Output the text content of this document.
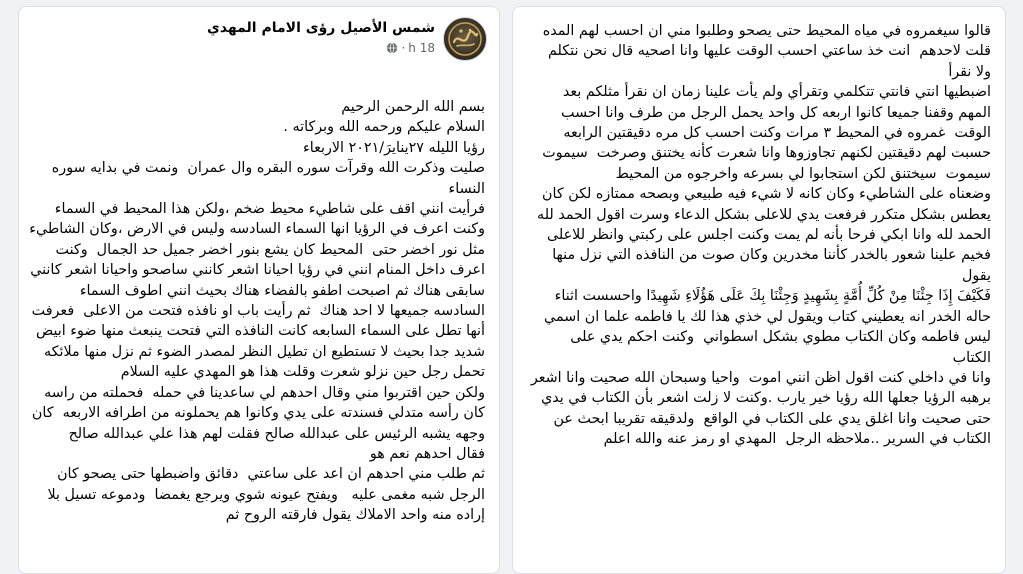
شمس الأصيل رؤى الامام المهدي
18 h
·

بسم الله الرحمن الرحيم

السلام عليكم ورحمه الله وبركاته .

رؤيا الليله ٢٧ينايرَ/٢٠٢١ الاربعاء

صليت وذكرت الله وقرآت سوره البقره وال عمران  ونمت في بدايه سوره النساء

فرأيت انني اقف على شاطيء محيط ضخم ،ولكن هذا المحيط في السماء

وكنت اعرف في الرؤيا انها السماء السادسه وليس في الارض ،وكان الشاطيء

مثل نور اخضر حتى  المحيط كان يشع بنور اخضر جميل حد الجمال  وكنت

اعرف داخل المنام انني في رؤيا احيانا اشعر كانني ساصحو واحيانا اشعر كانني

سابقى هناك ثم اصبحت اطفو بالفضاء هناك بحيث انني اطوف السماء

السادسه جميعها لا احد هناك  ثم رأيت باب او نافذه فتحت من الاعلى  فعرفت

أنها تطل على السماء السابعه كانت النافذه التي فتحت ينبعث منها ضوء ابيض

شديد جدا بحيث لا تستطيع ان تطيل النظر لمصدر الضوء ثم نزل منها ملائكه

تحمل رجل حين نزلو شعرت وقلت هذا هو المهدي عليه السلام

ولكن حين اقتربوا مني وقال احدهم لي ساعدينا في حمله  فحملته من راسه

كان رأسه متدلي فسندته على يدي وكانوا هم يحملونه من اطرافه الاربعه  كان

وجهه يشبه الرئيس على عبدالله صالح فقلت لهم هذا علي عبدالله صالح

فقال احدهم نعم هو

ثم طلب مني احدهم ان اعد على ساعتي  دقائق واضبطها حتى يصحو كان

الرجل شبه مغمى عليه   ويفتح عيونه شوي ويرجع يغمضا  ودموعه تسيل بلا

إراده منه واحد الاملاك يقول فارقته الروح ثم

قالوا سيغمروه في مياه المحيط حتى يصحو وطلبوا مني ان احسب لهم المده

قلت لاحدهم  انت خذ ساعتي احسب الوقت عليها وانا اصحيه قال نحن نتكلم

ولا نقرأ

اضبطيها انتي فانتي تتكلمي وتقرأي ولم يأت علينا زمان ان نقرأ مثلكم بعد

المهم وقفنا جميعا كانوا اربعه كل واحد يحمل الرجل من طرف وانا احسب

الوقت  غمروه في المحيط ٣ مرات وكنت احسب كل مره دقيقتين الرابعه

حسبت لهم دقيقتين لكنهم تجاوزوها وانا شعرت كأنه يختنق وصرخت  سيموت

سيموت  سيختنق لكن استجابوا لي بسرعه واخرجوه من المحيط

وضعناه على الشاطيء وكان كانه لا شيء فيه طبيعي وبصحه ممتازه لكن كان

يعطس بشكل متكرر فرفعت يدي للاعلى بشكل الدعاء وسرت اقول الحمد لله

الحمد لله وانا ابكي فرحا بأنه لم يمت وكنت اجلس على ركبتي وانظر للاعلى

فخيم علينا شعور بالخدر كأننا مخدرين وكان صوت من النافذه التي نزل منها

يقول

فَكَيْفَ إِذَا جِئْنَا مِنْ كُلِّ أُمَّةٍ بِشَهِيدٍ وَجِئْنَا بِكَ عَلَى هَؤُلَاءِ شَهِيدًا واحسست اثناء

حاله الخدر انه يعطيني كتاب ويقول لي خذي هذا لك يا فاطمه علما ان اسمي

ليس فاطمه وكان الكتاب مطوي بشكل اسطواني  وكنت احكم يدي على

الكتاب

وانا في داخلي كنت اقول اظن انني اموت  واحيا وسبحان الله صحيت وانا اشعر

برهبه الرؤيا جعلها الله رؤيا خير يارب .وكنت لا زلت اشعر بأن الكتاب في يدي

حتى صحيت وانا اغلق يدي على الكتاب في الواقع  ولدقيقه تقريبا ابحث عن

الكتاب في السرير ..ملاحظه الرجل  المهدي او رمز عنه والله اعلم
